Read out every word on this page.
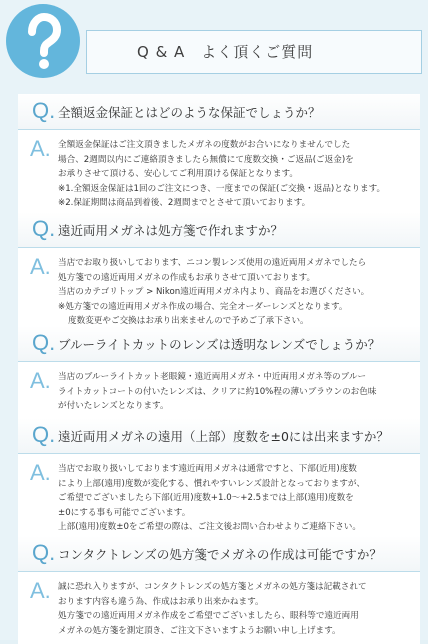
Q & A　よく頂くご質問
Q. 全額返金保証とはどのような保証でしょうか？
A. 全額返金保証はご注文頂きましたメガネの度数がお合いになりませんでした
場合、2週間以内にご連絡頂きましたら無償にて度数交換・ご返品(ご返金)を
お承りさせて頂ける、安心してご利用頂ける保証となります。
※1.全額返金保証は1回のご注文につき、一度までの保証(ご交換・返品)となります。
※2.保証期間は商品到着後、2週間までとさせて頂いております。
Q. 遠近両用メガネは処方箋で作れますか？
A. 当店でお取り扱いしております、ニコン製レンズ使用の遠近両用メガネでしたら
処方箋での遠近両用メガネの作成もお承りさせて頂いております。
当店のカテゴリトップ > Nikon遠近両用メガネ内より、商品をお選びください。
※処方箋での遠近両用メガネ作成の場合、完全オーダーレンズとなります。
度数変更やご交換はお承り出来ませんので予めご了承下さい。
Q. ブルーライトカットのレンズは透明なレンズでしょうか？
A. 当店のブルーライトカット老眼鏡・遠近両用メガネ・中近両用メガネ等のブルー
ライトカットコートの付いたレンズは、クリアに約10%程の薄いブラウンのお色味
が付いたレンズとなります。
Q. 遠近両用メガネの遠用（上部）度数を±0には出来ますか？
A. 当店でお取り扱いしております遠近両用メガネは通常ですと、下部(近用)度数
により上部(遠用)度数が変化する、慣れやすいレンズ設計となっておりますが、
ご希望でございましたら下部(近用)度数+1.0〜+2.5までは上部(遠用)度数を
±0にする事も可能でございます。
上部(遠用)度数±0をご希望の際は、ご注文後お問い合わせよりご連絡下さい。
Q. コンタクトレンズの処方箋でメガネの作成は可能ですか？
A. 誠に恐れ入りますが、コンタクトレンズの処方箋とメガネの処方箋は記載されて
おります内容も違う為、作成はお承り出来かねます。
処方箋での遠近両用メガネ作成をご希望でございましたら、眼科等で遠近両用
メガネの処方箋を測定頂き、ご注文下さいますようお願い申し上げます。
